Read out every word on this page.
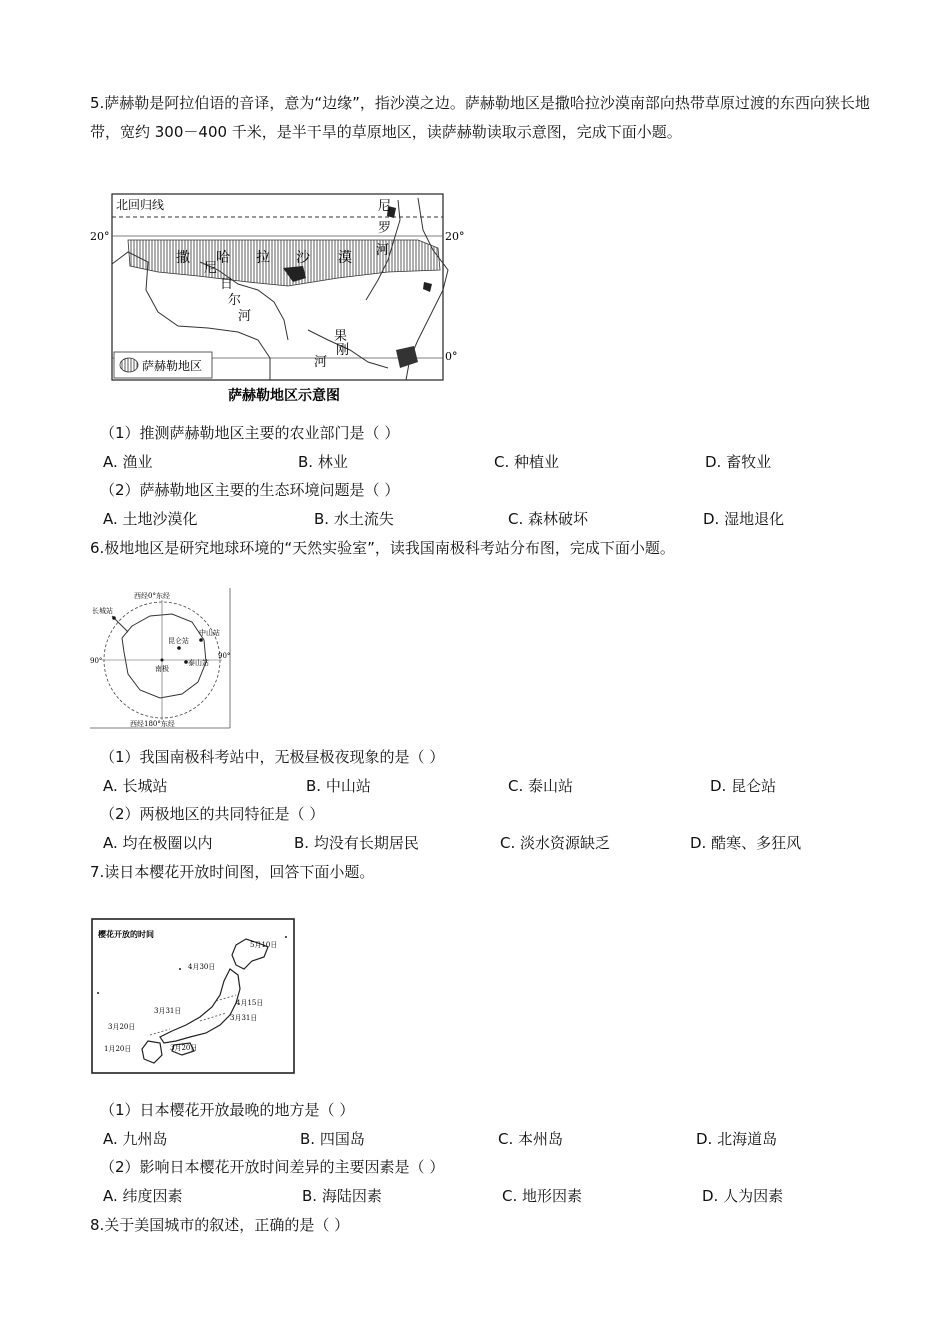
5.萨赫勒是阿拉伯语的音译，意为“边缘”，指沙漠之边。萨赫勒地区是撒哈拉沙漠南部向热带草原过渡的东西向狭长地带，宽约 300－400 千米，是半干旱的草原地区，读萨赫勒读取示意图，完成下面小题。
北回归线
20°	20°
0°
撒 哈 拉 沙 漠
尼
罗
河
尼
日
尔
河
刚
果
河
萨赫勒地区
萨赫勒地区示意图
（1）推测萨赫勒地区主要的农业部门是（ ）
A. 渔业	B. 林业	C. 种植业	D. 畜牧业
（2）萨赫勒地区主要的生态环境问题是（ ）
A. 土地沙漠化	B. 水土流失	C. 森林破坏	D. 湿地退化
6.极地地区是研究地球环境的“天然实验室”，读我国南极科考站分布图，完成下面小题。
西经0°东经
西经180°东经
90°
90°
长城站
昆仑站
中山站
泰山站
南极
（1）我国南极科考站中，无极昼极夜现象的是（ ）
A. 长城站	B. 中山站	C. 泰山站	D. 昆仑站
（2）两极地区的共同特征是（ ）
A. 均在极圈以内	B. 均没有长期居民	C. 淡水资源缺乏	D. 酷寒、多狂风
7.读日本樱花开放时间图，回答下面小题。
樱花开放的时间
5月10日
4月30日
4月15日
3月31日
3月31日
3月20日
3月20日
1月20日
（1）日本樱花开放最晚的地方是（ ）
A. 九州岛	B. 四国岛	C. 本州岛	D. 北海道岛
（2）影响日本樱花开放时间差异的主要因素是（ ）
A. 纬度因素	B. 海陆因素	C. 地形因素	D. 人为因素
8.关于美国城市的叙述，正确的是（ ）
